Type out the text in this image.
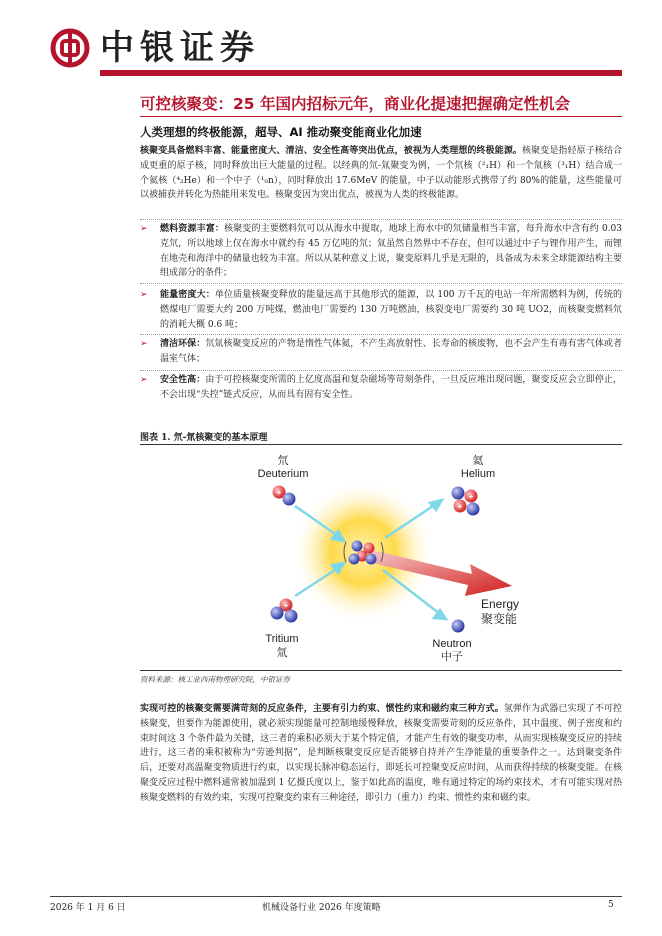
中银证券
可控核聚变：25 年国内招标元年，商业化提速把握确定性机会
人类理想的终极能源，超导、AI 推动聚变能商业化加速
核聚变具备燃料丰富、能量密度大、清洁、安全性高等突出优点，被视为人类理想的终极能源。核聚变是指轻原子核结合成更重的原子核，同时释放出巨大能量的过程。以经典的氘-氚聚变为例，一个氘核（²₁H）和一个氚核（³₁H）结合成一个氦核（⁴₂He）和一个中子（¹₀n），同时释放出 17.6MeV 的能量，中子以动能形式携带了约 80%的能量，这些能量可以被捕获并转化为热能用来发电。核聚变因为突出优点，被视为人类的终极能源。
➢ 燃料资源丰富：核聚变的主要燃料氘可以从海水中提取，地球上海水中的氘储量相当丰富，每升海水中含有约 0.03 克氘，所以地球上仅在海水中就约有 45 万亿吨的氘；氚虽然自然界中不存在，但可以通过中子与锂作用产生，而锂在地壳和海洋中的储量也较为丰富。所以从某种意义上说，聚变原料几乎是无限的，具备成为未来全球能源结构主要组成部分的条件；
➢ 能量密度大：单位质量核聚变释放的能量远高于其他形式的能源，以 100 万千瓦的电站一年所需燃料为例，传统的燃煤电厂需要大约 200 万吨煤，燃油电厂需要约 130 万吨燃油，核裂变电厂需要约 30 吨 UO2，而核聚变燃料氘的消耗大概 0.6 吨；
➢ 清洁环保：氘氚核聚变反应的产物是惰性气体氦，不产生高放射性、长寿命的核废物，也不会产生有毒有害气体或者温室气体；
➢ 安全性高：由于可控核聚变所需的上亿度高温和复杂磁场等苛刻条件，一旦反应堆出现问题，聚变反应会立即停止，不会出现“失控”链式反应，从而具有固有安全性。
图表 1. 氘-氚核聚变的基本原理
+
氘
Deuterium
+
Tritium
氚
+
+
氦
Helium
Neutron
中子
Energy
聚变能
资料来源：核工业西南物理研究院，中银证券
实现可控的核聚变需要满苛刻的反应条件，主要有引力约束、惯性约束和磁约束三种方式。氢弹作为武器已实现了不可控核聚变，但要作为能源使用，就必须实现能量可控制地缓慢释放，核聚变需要苛刻的反应条件，其中温度、例子密度和约束时间这 3 个条件最为关键，这三者的乘积必须大于某个特定值，才能产生有效的聚变功率，从而实现核聚变反应的持续进行，这三者的乘积被称为“劳逊判据”，是判断核聚变反应是否能够自持并产生净能量的重要条件之一。达到聚变条件后，还要对高温聚变物质进行约束，以实现长脉冲稳态运行，即延长可控聚变反应时间，从而获得持续的核聚变能。在核聚变反应过程中燃料通常被加温到 1 亿摄氏度以上，鉴于如此高的温度，唯有通过特定的场约束技术，才有可能实现对热核聚变燃料的有效约束，实现可控聚变约束有三种途径，即引力（重力）约束、惯性约束和磁约束。
2026 年 1 月 6 日	机械设备行业 2026 年度策略	5
